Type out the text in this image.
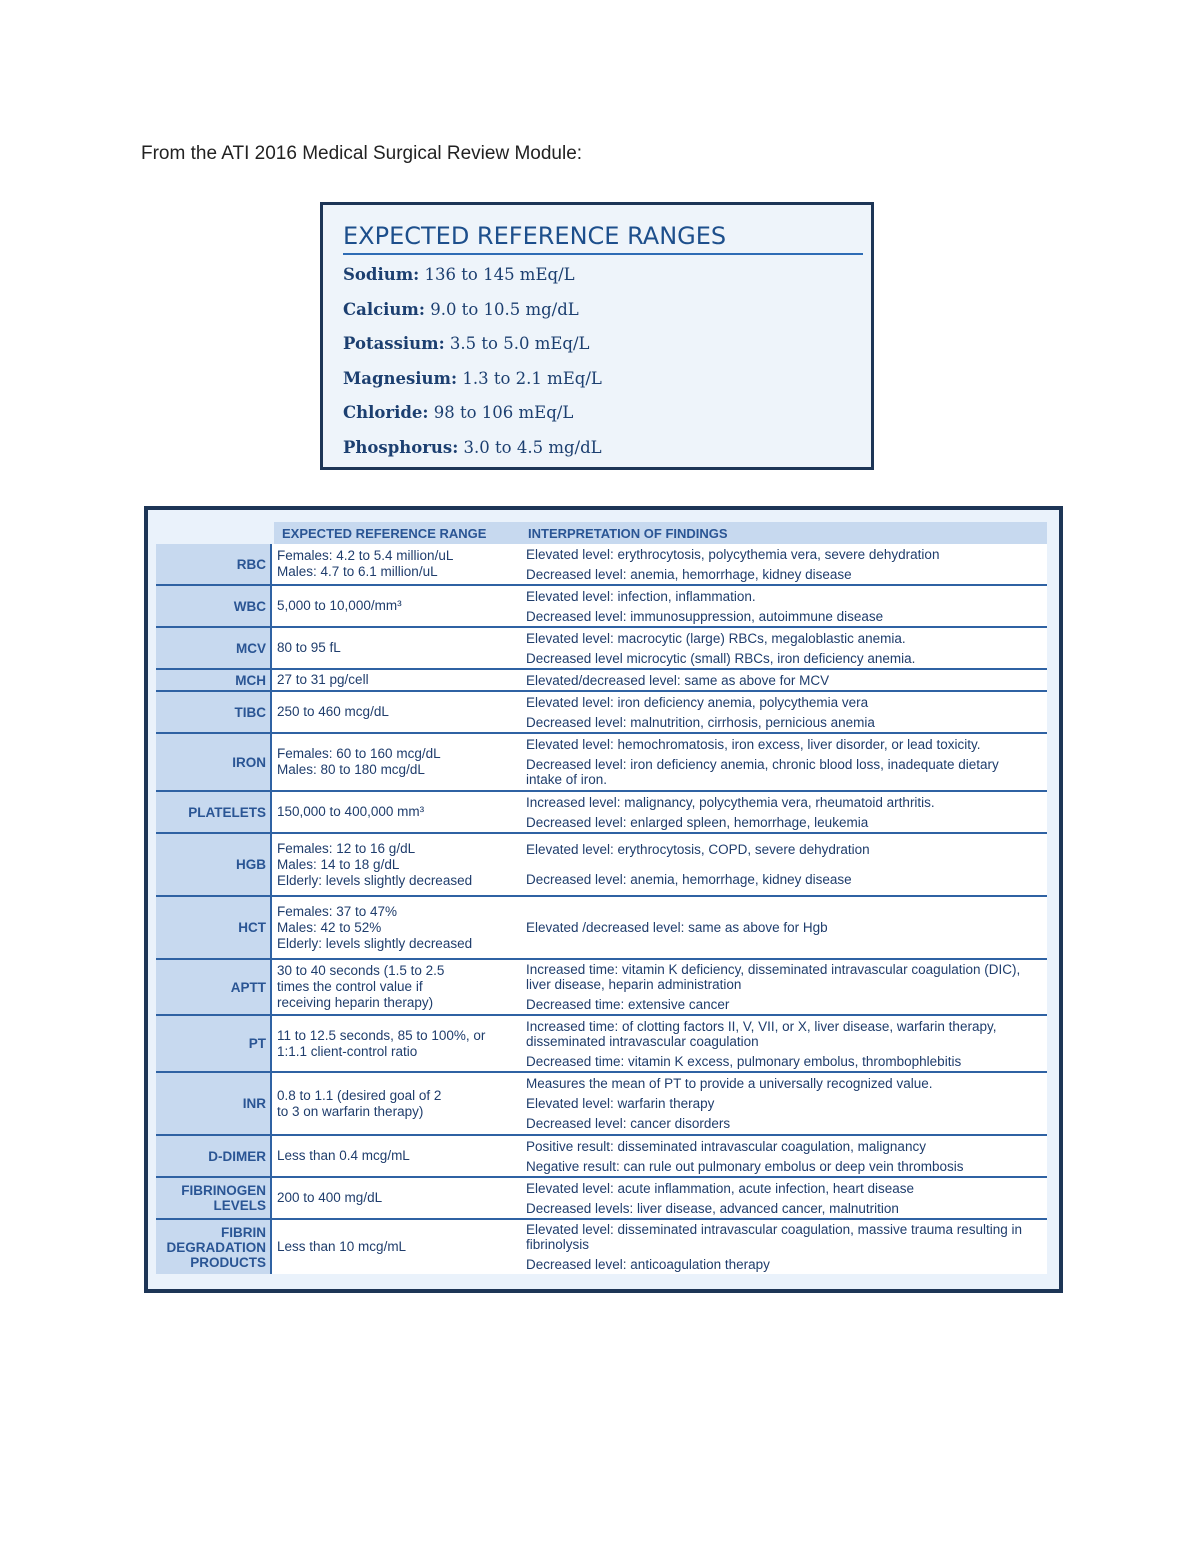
From the ATI 2016 Medical Surgical Review Module:
EXPECTED REFERENCE RANGES
Sodium: 136 to 145 mEq/L
Calcium: 9.0 to 10.5 mg/dL
Potassium: 3.5 to 5.0 mEq/L
Magnesium: 1.3 to 2.1 mEq/L
Chloride: 98 to 106 mEq/L
Phosphorus: 3.0 to 4.5 mg/dL
EXPECTED REFERENCE RANGE	INTERPRETATION OF FINDINGS
RBC
Females: 4.2 to 5.4 million/uL
Males: 4.7 to 6.1 million/uL
Elevated level: erythrocytosis, polycythemia vera, severe dehydration
Decreased level: anemia, hemorrhage, kidney disease
WBC 5,000 to 10,000/mm³
Elevated level: infection, inflammation.
Decreased level: immunosuppression, autoimmune disease
MCV 80 to 95 fL
Elevated level: macrocytic (large) RBCs, megaloblastic anemia.
Decreased level microcytic (small) RBCs, iron deficiency anemia.
MCH 27 to 31 pg/cell	Elevated/decreased level: same as above for MCV
TIBC 250 to 460 mcg/dL
Elevated level: iron deficiency anemia, polycythemia vera
Decreased level: malnutrition, cirrhosis, pernicious anemia
IRON
Females: 60 to 160 mcg/dL
Males: 80 to 180 mcg/dL
Elevated level: hemochromatosis, iron excess, liver disorder, or lead toxicity.
Decreased level: iron deficiency anemia, chronic blood loss, inadequate dietary intake of iron.
PLATELETS 150,000 to 400,000 mm³
Increased level: malignancy, polycythemia vera, rheumatoid arthritis.
Decreased level: enlarged spleen, hemorrhage, leukemia
HGB
Females: 12 to 16 g/dL
Males: 14 to 18 g/dL
Elderly: levels slightly decreased
Elevated level: erythrocytosis, COPD, severe dehydration
Decreased level: anemia, hemorrhage, kidney disease
HCT
Females: 37 to 47%
Males: 42 to 52%
Elderly: levels slightly decreased
Elevated /decreased level: same as above for Hgb
APTT
30 to 40 seconds (1.5 to 2.5 times the control value if receiving heparin therapy)
Increased time: vitamin K deficiency, disseminated intravascular coagulation (DIC), liver disease, heparin administration
Decreased time: extensive cancer
PT
11 to 12.5 seconds, 85 to 100%, or 1:1.1 client-control ratio
Increased time: of clotting factors II, V, VII, or X, liver disease, warfarin therapy, disseminated intravascular coagulation
Decreased time: vitamin K excess, pulmonary embolus, thrombophlebitis
INR
0.8 to 1.1 (desired goal of 2 to 3 on warfarin therapy)
Measures the mean of PT to provide a universally recognized value.
Elevated level: warfarin therapy
Decreased level: cancer disorders
D-DIMER Less than 0.4 mcg/mL
Positive result: disseminated intravascular coagulation, malignancy
Negative result: can rule out pulmonary embolus or deep vein thrombosis
FIBRINOGEN LEVELS
200 to 400 mg/dL
Elevated level: acute inflammation, acute infection, heart disease
Decreased levels: liver disease, advanced cancer, malnutrition
FIBRIN DEGRADATION PRODUCTS
Less than 10 mcg/mL
Elevated level: disseminated intravascular coagulation, massive trauma resulting in fibrinolysis
Decreased level: anticoagulation therapy
